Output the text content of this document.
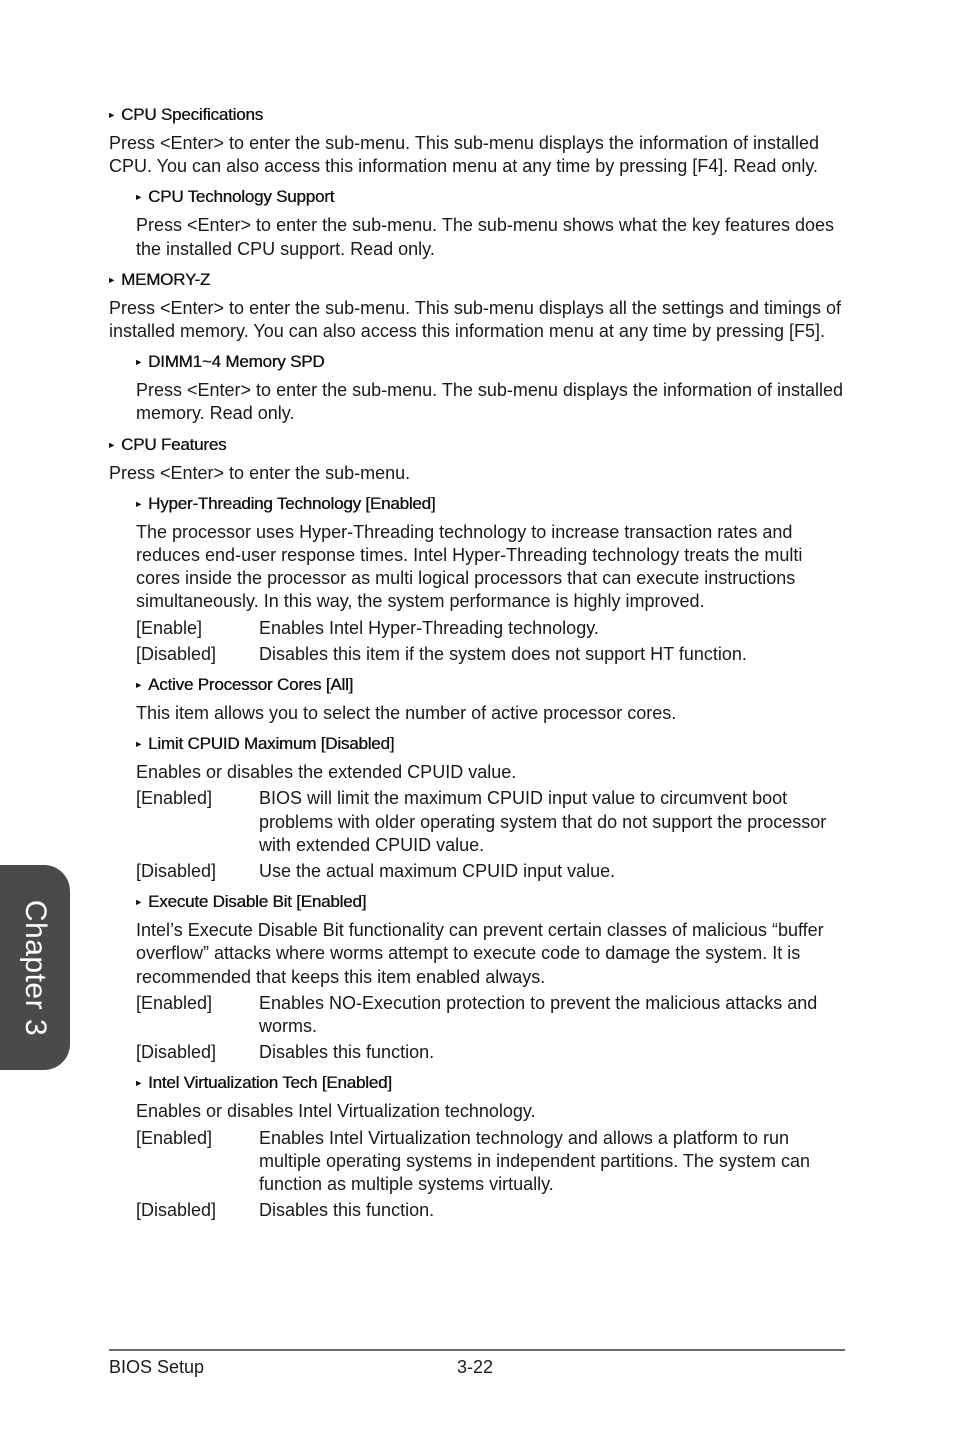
▸ CPU Specifications

Press <Enter> to enter the sub-menu. This sub-menu displays the information of installed CPU. You can also access this information menu at any time by pressing [F4]. Read only.

▸ CPU Technology Support

Press <Enter> to enter the sub-menu. The sub-menu shows what the key features does the installed CPU support. Read only.

▸ MEMORY-Z

Press <Enter> to enter the sub-menu. This sub-menu displays all the settings and timings of installed memory. You can also access this information menu at any time by pressing [F5].

▸ DIMM1~4 Memory SPD

Press <Enter> to enter the sub-menu. The sub-menu displays the information of installed memory. Read only.

▸ CPU Features

Press <Enter> to enter the sub-menu.

▸ Hyper-Threading Technology [Enabled]

The processor uses Hyper-Threading technology to increase transaction rates and reduces end-user response times. Intel Hyper-Threading technology treats the multi cores inside the processor as multi logical processors that can execute instructions simultaneously. In this way, the system performance is highly improved.

[Enable]	Enables Intel Hyper-Threading technology.
[Disabled]	Disables this item if the system does not support HT function.
▸ Active Processor Cores [All]

This item allows you to select the number of active processor cores.

▸ Limit CPUID Maximum [Disabled]

Enables or disables the extended CPUID value.

[Enabled]	BIOS will limit the maximum CPUID input value to circumvent boot problems with older operating system that do not support the processor with extended CPUID value.
[Disabled]	Use the actual maximum CPUID input value.
▸ Execute Disable Bit [Enabled]

Intel’s Execute Disable Bit functionality can prevent certain classes of malicious “buffer overflow” attacks where worms attempt to execute code to damage the system. It is recommended that keeps this item enabled always.

[Enabled]	Enables NO-Execution protection to prevent the malicious attacks and worms.
[Disabled]	Disables this function.
▸ Intel Virtualization Tech [Enabled]

Enables or disables Intel Virtualization technology.

[Enabled]	Enables Intel Virtualization technology and allows a platform to run multiple operating systems in independent partitions. The system can function as multiple systems virtually.
[Disabled]	Disables this function.
Chapter 3
BIOS Setup	3-22
